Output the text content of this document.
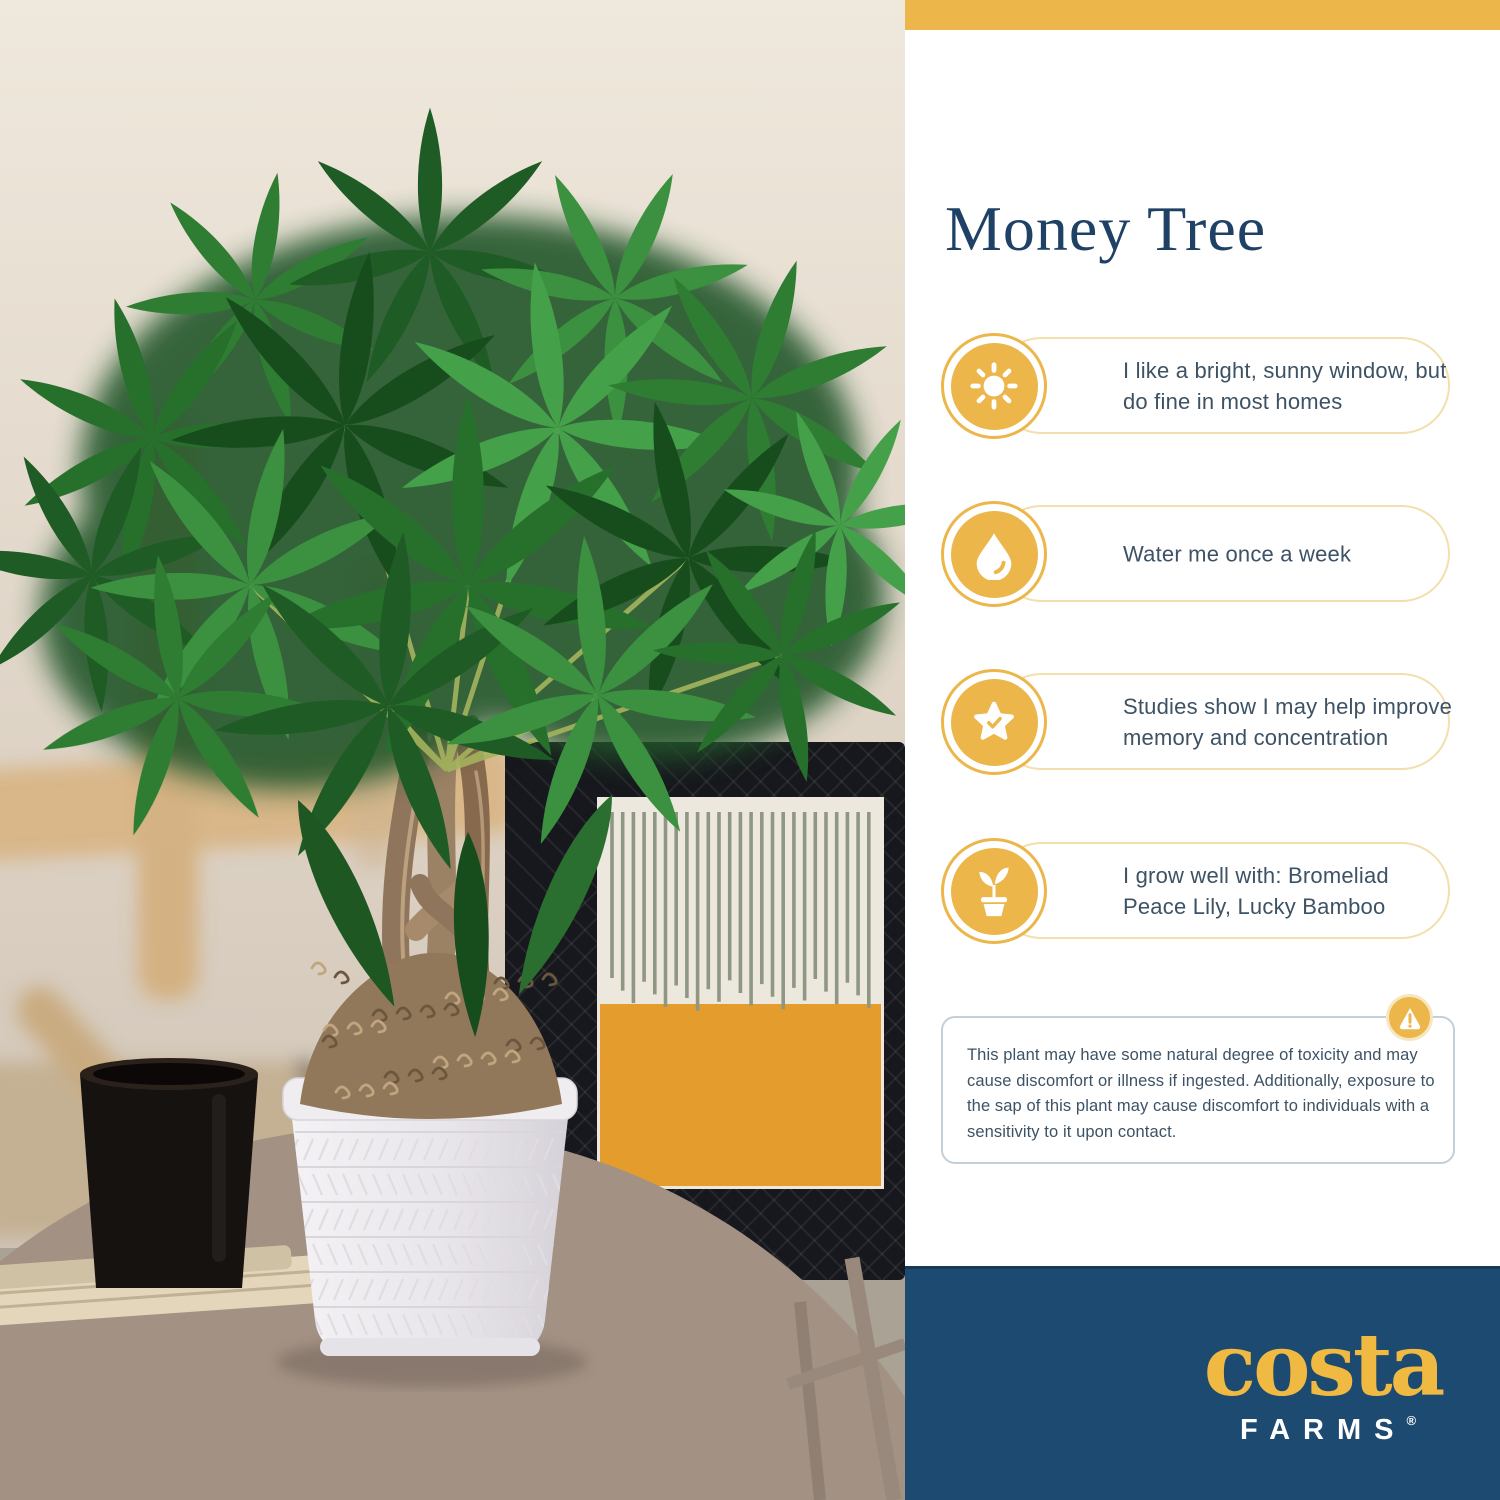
Money Tree
I like a bright, sunny window, but
do fine in most homes
Water me once a week
Studies show I may help improve
memory and concentration
I grow well with: Bromeliad
Peace Lily, Lucky Bamboo
This plant may have some natural degree of toxicity and may cause discomfort or illness if ingested. Additionally, exposure to the sap of this plant may cause discomfort to individuals with a sensitivity to it upon contact.
costa
FARMS®
